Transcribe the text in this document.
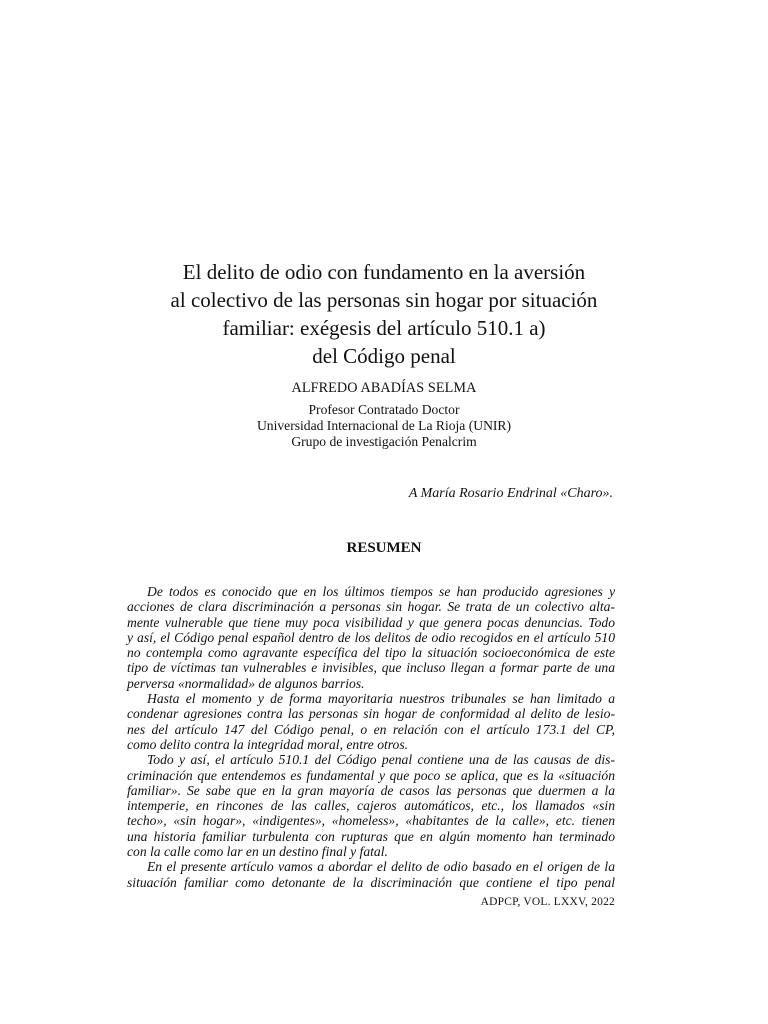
El delito de odio con fundamento en la aversión
al colectivo de las personas sin hogar por situación
familiar: exégesis del artículo 510.1 a)
del Código penal
ALFREDO ABADÍAS SELMA
Profesor Contratado Doctor
Universidad Internacional de La Rioja (UNIR)
Grupo de investigación Penalcrim
A María Rosario Endrinal «Charo».
RESUMEN
De todos es conocido que en los últimos tiempos se han producido agresiones y
acciones de clara discriminación a personas sin hogar. Se trata de un colectivo alta-
mente vulnerable que tiene muy poca visibilidad y que genera pocas denuncias. Todo
y así, el Código penal español dentro de los delitos de odio recogidos en el artículo 510
no contempla como agravante específica del tipo la situación socioeconómica de este
tipo de víctimas tan vulnerables e invisibles, que incluso llegan a formar parte de una
perversa «normalidad» de algunos barrios.
Hasta el momento y de forma mayoritaria nuestros tribunales se han limitado a
condenar agresiones contra las personas sin hogar de conformidad al delito de lesio-
nes del artículo 147 del Código penal, o en relación con el artículo 173.1 del CP,
como delito contra la integridad moral, entre otros.
Todo y así, el artículo 510.1 del Código penal contiene una de las causas de dis-
criminación que entendemos es fundamental y que poco se aplica, que es la «situación
familiar». Se sabe que en la gran mayoría de casos las personas que duermen a la
intemperie, en rincones de las calles, cajeros automáticos, etc., los llamados «sin
techo», «sin hogar», «indigentes», «homeless», «habitantes de la calle», etc. tienen
una historia familiar turbulenta con rupturas que en algún momento han terminado
con la calle como lar en un destino final y fatal.
En el presente artículo vamos a abordar el delito de odio basado en el origen de la
situación familiar como detonante de la discriminación que contiene el tipo penal
ADPCP, VOL. LXXV, 2022
